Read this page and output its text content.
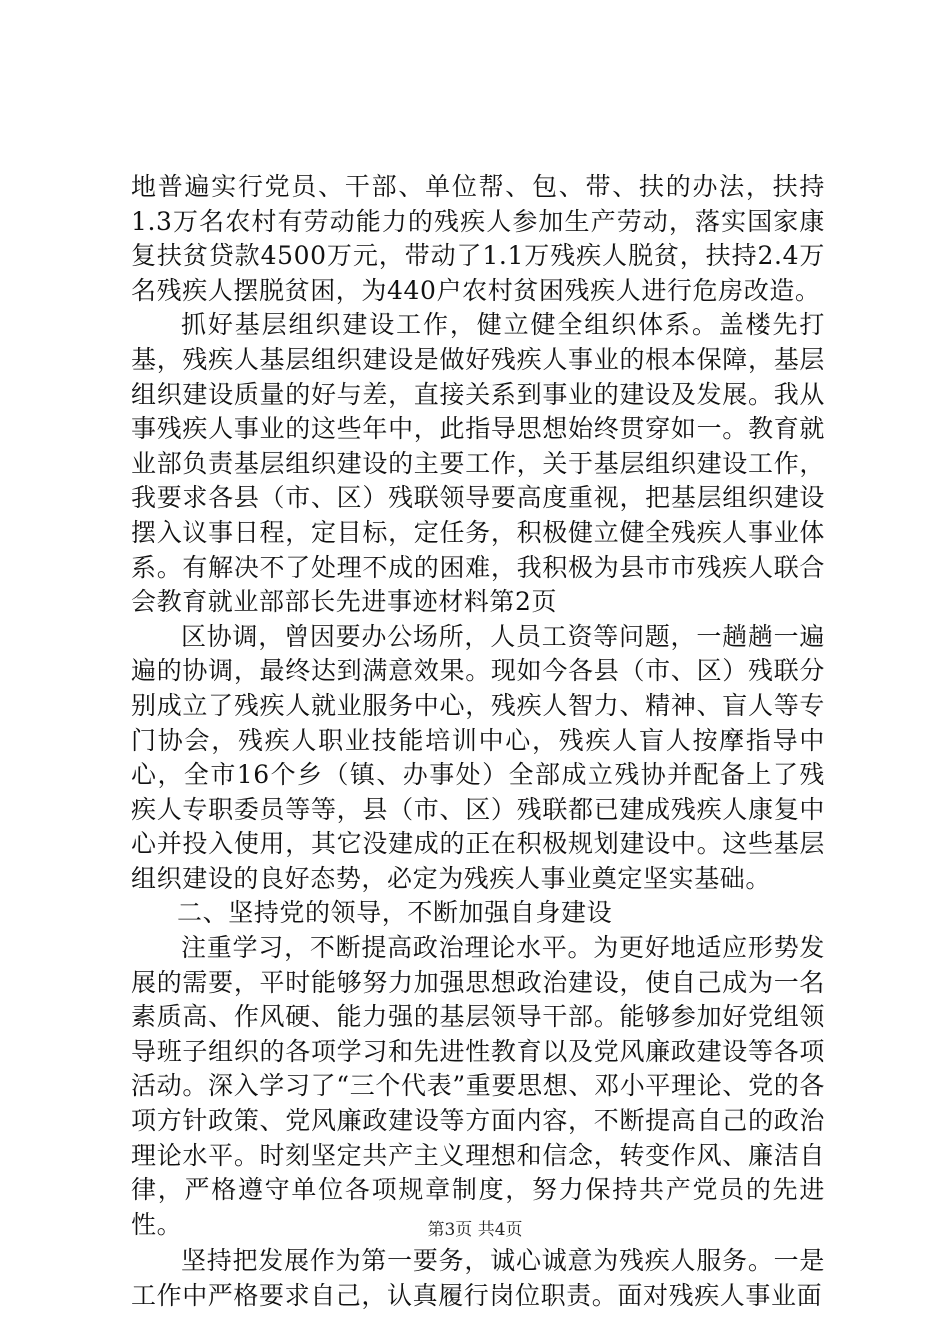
地普遍实行党员、干部、单位帮、包、带、扶的办法，扶持1.3万名农村有劳动能力的残疾人参加生产劳动，落实国家康复扶贫贷款4500万元，带动了1.1万残疾人脱贫，扶持2.4万名残疾人摆脱贫困，为440户农村贫困残疾人进行危房改造。

抓好基层组织建设工作，健立健全组织体系。盖楼先打基，残疾人基层组织建设是做好残疾人事业的根本保障，基层组织建设质量的好与差，直接关系到事业的建设及发展。我从事残疾人事业的这些年中，此指导思想始终贯穿如一。教育就业部负责基层组织建设的主要工作，关于基层组织建设工作，我要求各县（市、区）残联领导要高度重视，把基层组织建设摆入议事日程，定目标，定任务，积极健立健全残疾人事业体系。有解决不了处理不成的困难，我积极为县市市残疾人联合会教育就业部部长先进事迹材料第2页

区协调，曾因要办公场所，人员工资等问题，一趟趟一遍遍的协调，最终达到满意效果。现如今各县（市、区）残联分别成立了残疾人就业服务中心，残疾人智力、精神、盲人等专门协会，残疾人职业技能培训中心，残疾人盲人按摩指导中心，全市16个乡（镇、办事处）全部成立残协并配备上了残疾人专职委员等等，县（市、区）残联都已建成残疾人康复中心并投入使用，其它没建成的正在积极规划建设中。这些基层组织建设的良好态势，必定为残疾人事业奠定坚实基础。

二、坚持党的领导，不断加强自身建设

注重学习，不断提高政治理论水平。为更好地适应形势发展的需要，平时能够努力加强思想政治建设，使自己成为一名素质高、作风硬、能力强的基层领导干部。能够参加好党组领导班子组织的各项学习和先进性教育以及党风廉政建设等各项活动。深入学习了“三个代表”重要思想、邓小平理论、党的各项方针政策、党风廉政建设等方面内容，不断提高自己的政治理论水平。时刻坚定共产主义理想和信念，转变作风、廉洁自律，严格遵守单位各项规章制度，努力保持共产党员的先进性。

坚持把发展作为第一要务，诚心诚意为残疾人服务。一是工作中严格要求自己，认真履行岗位职责。面对残疾人事业面

第3页 共4页
